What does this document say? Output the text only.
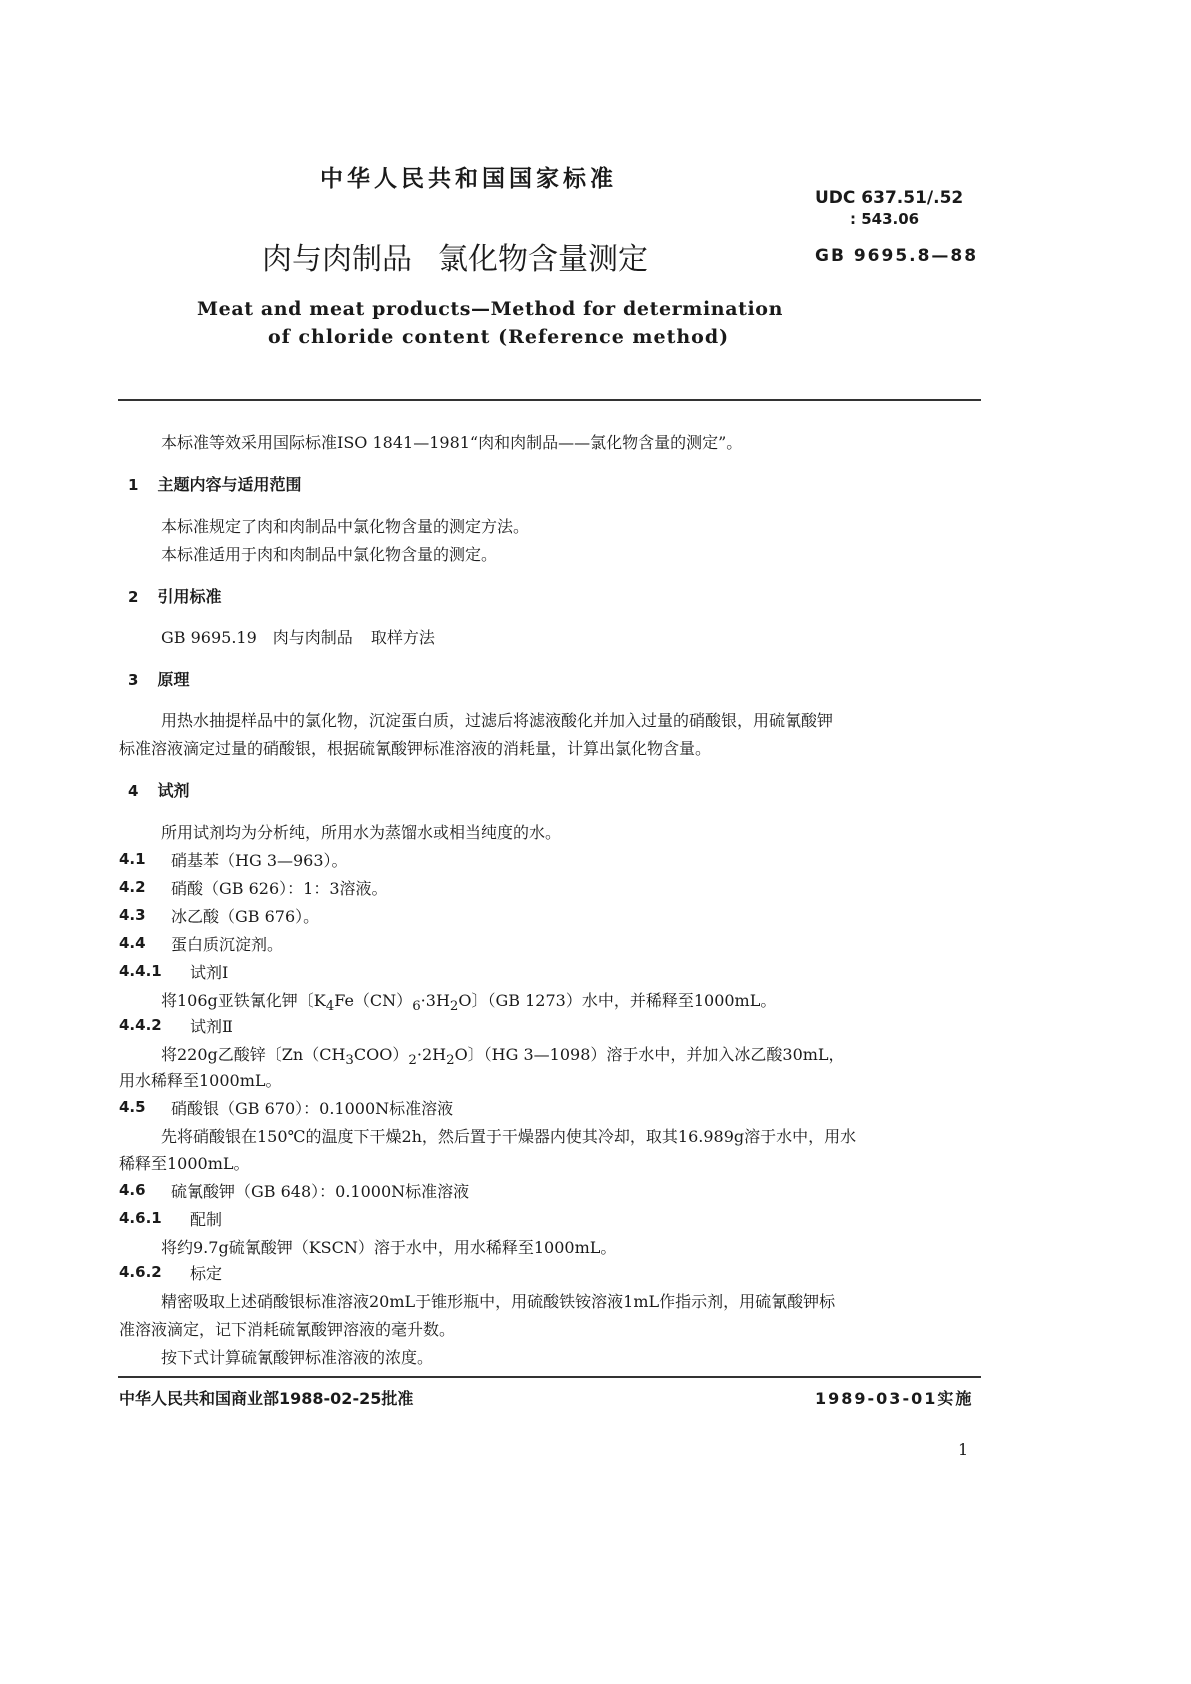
中华人民共和国国家标准
UDC 637.51/.52
: 543.06
肉与肉制品 氯化物含量测定	GB 9695.8—88
Meat and meat products—Method for determination
of chloride content (Reference method)
本标准等效采用国际标准ISO 1841—1981“肉和肉制品——氯化物含量的测定”。
1 主题内容与适用范围
本标准规定了肉和肉制品中氯化物含量的测定方法。
本标准适用于肉和肉制品中氯化物含量的测定。
2 引用标准
GB 9695.19 肉与肉制品 取样方法
3 原理
用热水抽提样品中的氯化物，沉淀蛋白质，过滤后将滤液酸化并加入过量的硝酸银，用硫氰酸钾
标准溶液滴定过量的硝酸银，根据硫氰酸钾标准溶液的消耗量，计算出氯化物含量。
4 试剂
所用试剂均为分析纯，所用水为蒸馏水或相当纯度的水。
4.1 硝基苯（HG 3—963）。
4.2 硝酸（GB 626）：1：3溶液。
4.3 冰乙酸（GB 676）。
4.4 蛋白质沉淀剂。
4.4.1 试剂Ⅰ
将106g亚铁氰化钾〔$K_4Fe(CN)_6\cdot 3H_2O$〕（GB 1273）水中，并稀释至1000mL。
4.4.2 试剂Ⅱ
将220g乙酸锌〔$Zn(CH_3COO)_2\cdot 2H_2O$〕（HG 3—1098）溶于水中，并加入冰乙酸30mL，
用水稀释至1000mL。
4.5 硝酸银（GB 670）：0.1000N标准溶液
先将硝酸银在150℃的温度下干燥2h，然后置于干燥器内使其冷却，取其16.989g溶于水中，用水
稀释至1000mL。
4.6 硫氰酸钾（GB 648）：0.1000N标准溶液
4.6.1 配制
将约9.7g硫氰酸钾（KSCN）溶于水中，用水稀释至1000mL。
4.6.2 标定
精密吸取上述硝酸银标准溶液20mL于锥形瓶中，用硫酸铁铵溶液1mL作指示剂，用硫氰酸钾标
准溶液滴定，记下消耗硫氰酸钾溶液的毫升数。
按下式计算硫氰酸钾标准溶液的浓度。
中华人民共和国商业部1988-02-25批准	1989-03-01实施
1
